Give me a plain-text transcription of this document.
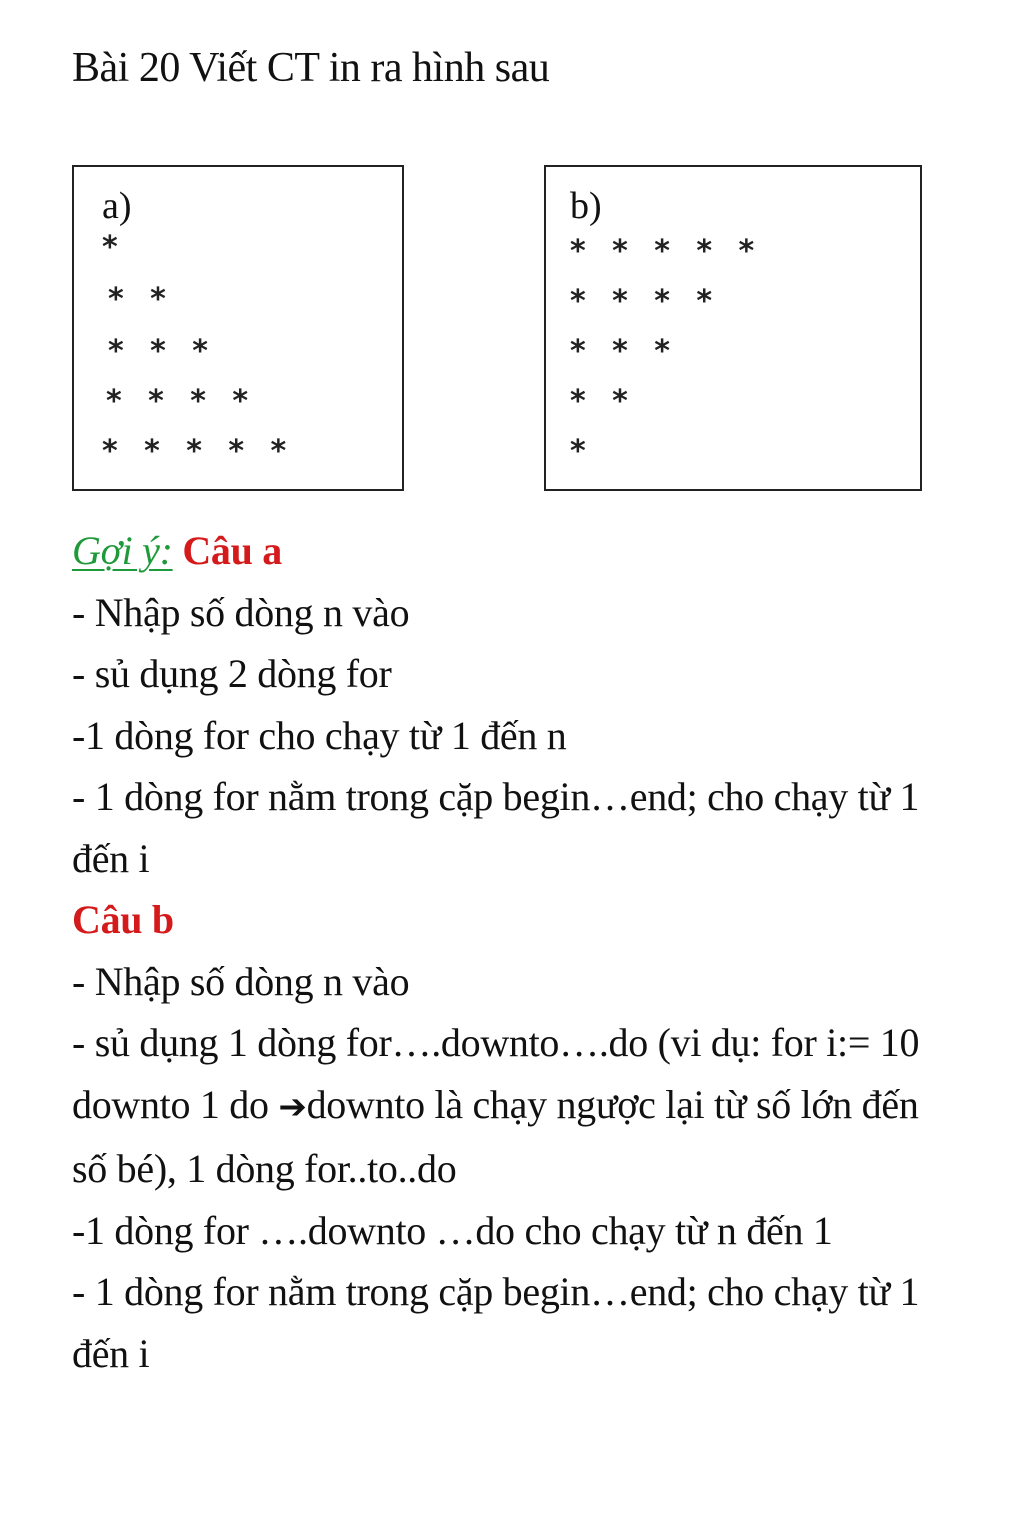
Bài 20 Viết CT in ra hình sau
a)
*
* *
* * *
* * * *
* * * * *
b)
* * * * *
* * * *
* * *
* *
*
Gợi ý: Câu a
- Nhập số dòng n vào
- sủ dụng 2 dòng for
-1 dòng for cho chạy từ 1 đến n
- 1 dòng for nằm trong cặp begin…end; cho chạy từ 1
đến i
Câu b
- Nhập số dòng n vào
- sủ dụng 1 dòng for….downto….do (vi dụ: for i:= 10
downto 1 do ➔downto là chạy ngược lại từ số lớn đến
số bé), 1 dòng for..to..do
-1 dòng for ….downto …do cho chạy từ n đến 1
- 1 dòng for nằm trong cặp begin…end; cho chạy từ 1
đến i
